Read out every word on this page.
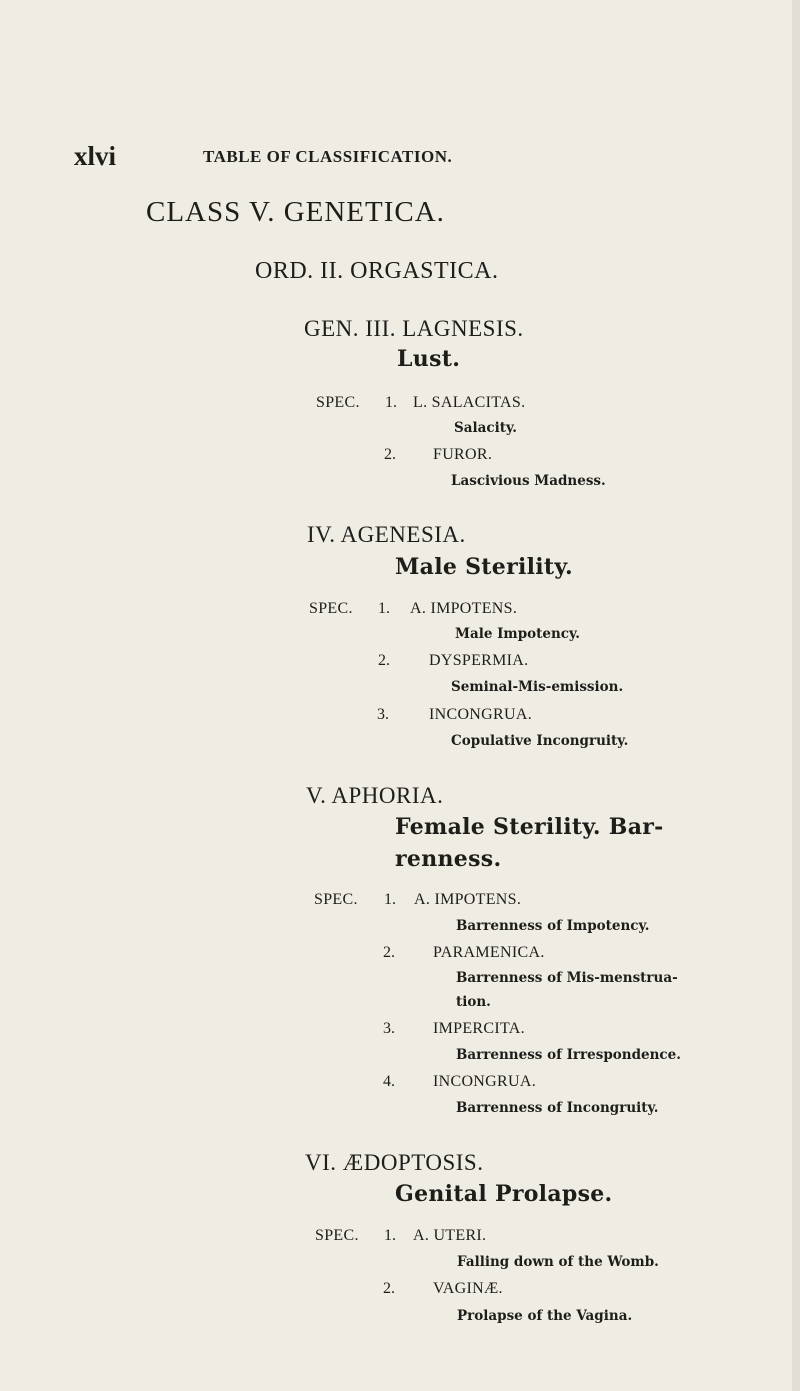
xlvi	TABLE OF CLASSIFICATION.
CLASS V. GENETICA.
ORD. II. ORGASTICA.
GEN. III. LAGNESIS.
Lust.
SPEC. 1. L. SALACITAS.
Salacity.
2. FUROR.
Lascivious Madness.
IV. AGENESIA.
Male Sterility.
SPEC. 1. A. IMPOTENS.
Male Impotency.
2. DYSPERMIA.
Seminal-Mis-emission.
3.	INCONGRUA.
Copulative Incongruity.
V. APHORIA.
Female Sterility. Bar-
renness.
SPEC. 1. A. IMPOTENS.
Barrenness of Impotency.
2. PARAMENICA.
Barrenness of Mis-menstrua-
tion.
3. IMPERCITA.
Barrenness of Irrespondence.
4. INCONGRUA.
Barrenness of Incongruity.
VI. ÆDOPTOSIS.
Genital Prolapse.
SPEC. 1. A. UTERI.
Falling down of the Womb.
2. VAGINÆ.
Prolapse of the Vagina.
